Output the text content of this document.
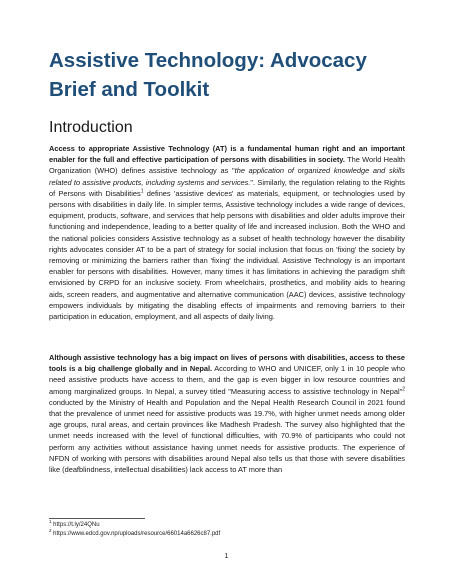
Assistive Technology: Advocacy Brief and Toolkit
Introduction

Access to appropriate Assistive Technology (AT) is a fundamental human right and an important enabler for the full and effective participation of persons with disabilities in society. The World Health Organization (WHO) defines assistive technology as "the application of organized knowledge and skills related to assistive products, including systems and services.". Similarly, the regulation relating to the Rights of Persons with Disabilities$^1$ defines 'assistive devices' as materials, equipment, or technologies used by persons with disabilities in daily life. In simpler terms, Assistive technology includes a wide range of devices, equipment, products, software, and services that help persons with disabilities and older adults improve their functioning and independence, leading to a better quality of life and increased inclusion. Both the WHO and the national policies considers Assistive technology as a subset of health technology however the disability rights advocates consider AT to be a part of strategy for social inclusion that focus on 'fixing' the society by removing or minimizing the barriers rather than 'fixing' the individual. Assistive Technology is an important enabler for persons with disabilities. However, many times it has limitations in achieving the paradigm shift envisioned by CRPD for an inclusive society. From wheelchairs, prosthetics, and mobility aids to hearing aids, screen readers, and augmentative and alternative communication (AAC) devices, assistive technology empowers individuals by mitigating the disabling effects of impairments and removing barriers to their participation in education, employment, and all aspects of daily living.

Although assistive technology has a big impact on lives of persons with disabilities, access to these tools is a big challenge globally and in Nepal. According to WHO and UNICEF, only 1 in 10 people who need assistive products have access to them, and the gap is even bigger in low resource countries and among marginalized groups. In Nepal, a survey titled "Measuring access to assistive technology in Nepal"$^2$ conducted by the Ministry of Health and Population and the Nepal Health Research Council in 2021 found that the prevalence of unmet need for assistive products was 19.7%, with higher unmet needs among older age groups, rural areas, and certain provinces like Madhesh Pradesh. The survey also highlighted that the unmet needs increased with the level of functional difficulties, with 70.9% of participants who could not perform any activities without assistance having unmet needs for assistive products. The experience of NFDN of working with persons with disabilities around Nepal also tells us that those with severe disabilities like (deafblindness, intellectual disabilities) lack access to AT more than

$^1$ https://t.ly/24QNu

$^2$ https://www.edcd.gov.np/uploads/resource/66014a6626c87.pdf

1
